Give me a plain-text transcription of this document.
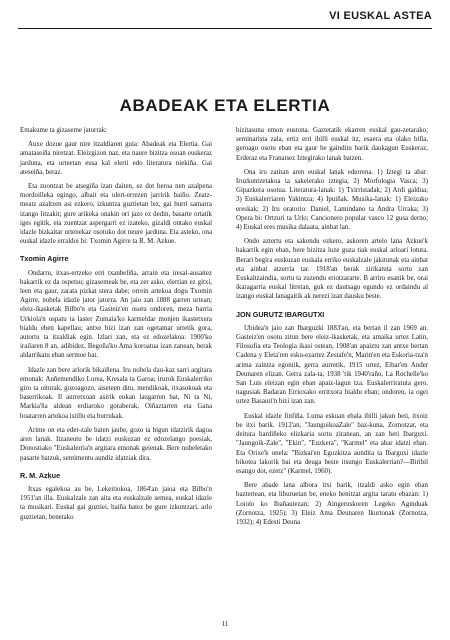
VI EUSKAL ASTEA
ABADEAK ETA ELERTIA

Emakume ta gizaseme jatorrak:

Auxe dozue gaur nire itzaldiaren guia: Abadeak eta Elertia. Gai amataseiña niretzat. Eleizgizon naz, eta naure bizitza osoan euskeraz jarduna, eta urteetan eusa kal elerti edo literatura niekiña. Gai ateseiña, beraz.

Eta zuontzat be atsegiña izan daiten, ez dot beroa nen azalpena mordoilleka egingo, albait eta ulert-errezen jarririk baiño. Zeatz-meatz azaltzen asi ezkero, izkuntza guztietan lez, gai burri samarra izango litzakit; gure arikeka onakin ori jazo ez dedin, basarte ortatik iges egitik, eta zuentzat aspergarri ez izateko, gizaldi ontako euskal idazle bizkaitar urtenekaz osotuko dot neure jarduna. Eta asteko, ona euskal idazle erraldoi bi: Txomin Agirre ta R. M. Azkue.

Txomin Agirre

Ondarru, itxas-ertzeko erri txanbeliña, arrain eta iresal-ausaitez bakarrik ez da ospetsu; gizasemeak be, eta zer asko, elertian ez gitxi, leen eta gaur, zarata pizkat stera dabe; orrein artekoa dogu Txomin Agirre, nobela idazle jator jatorra. An jaio zan 1888 garren urtean; eleiz-ikasketak Bilbo'n eta Gasteiz'en osotu ondoren, meza barria Urkiola'n ospatu ta laster Zumaia'ko karmeldar monjen ikastetxera bialdu eben kapellau; antxe bizi izan zan ogetamar urtetik gora, autortu ta itzaldiak egin. Izlari zan, eta ez edozelakoa: 1900'ko irailaren 8 an, adibidez, Begoña'ko Ama koroatua izan zanean, berak aldarrikatu eban sermoe bat.

Idazle zan bere arlorik bikaiñena. Iru nobela dau-kaz sarri argitara emonak: Auñemendiko Lorea, Kresala ta Garoa; irurok Euskalerriko giro ta oiturak, gozoagozo, aiseteen ditu, mendikoak, itxasokoak eta baserrikoak. Il aurretxoan asirik eukan laugarren bat, Ni ta Ni, Markia'ña aldean erdiaroko goraberak, Oiñaztarren eta Gana boatarren artekoa istillu eta burrukak.

Arime on eta eder-zale baten jaube, gozo ta bigun idatzirik dagoa aren lanak. Itzaneutu be idatzi euskuzan ez edozelango poesiak, Donostiako "Euskalerria'n argitara emonak geienak. Bere nobeletako pasarte batzuk, sentimentu aundiz idatziak dira.

R. M. Azkue

Itxas egalekoa au be, Lekeitiokoa, 1864'an jaioa eta Bilbo'n 1951'an illa. Euskalzale zan aita eta euskalzale semea, euskal idazle ta musikari. Euskal gai guztiei, baiña batez be gure izkuntzari, arlo guztietan, benetako

bizitasuna emon eustona. Gaztetatik ekarren euskal gau-zetarako; seminarista zala, ertiz erri ibilli euskal itz, esaera eta olako billa, geroago osotu eban eta gaur be gainditu barik daukagun Euskeraz, Erderaz eta Franatsez Iztegirako lanak batzen.

Ona iru zatitan aren euskal lanak ederrena. 1) Iztegi ta abar: Iruzkuntzetakoa ta sakelerako iztegia, 2) Morfologia Vasca; 3) Gipazkera osotua. Literatura-lanak: 1) Txirristadak; 2) Ardi galdua; 3) Euskalerriaren Yakintza; 4) Ipuiñak. Musika-lanak: 1) Eleizako ereskak; 2) Iru oratorio: Daniel, Lamindano ta Andra Urraka; 3) Opera bi: Ortzuri ta Urlo; Cancionero popular vasco 12 gusa derno; 4) Euskal eres musika dalaata, ainbat lan.

Ondo aztertu eta sakondu ezkero, askoren artelo lana Azkue'k bakarrik egin eban, bere bizitza luze guza tiak euskal arloari lotuta. Berari begira euskuzan euskala erriko euskalzale jakitunak eta ainbat eta ainbat atzerria tar. 1918'an berak zirikatuta sortu zan Euskaltzaindia, sortu ta zuzendu eriotzararte. B arriro esanik be, orai ikaragarria euskal litretan, guk ez dautsagu egundo ez ordaindu al izango euskal lanagaitik ak nerezi izan dausku beste.

JON GURUTZ IBARGUTXI

Ubidea'n jaio zan Ibarguzki 1883'an, eta bertan il zan 1969 an. Gasteiz'en osotu zitun bere eleiz-ikasketak, eta amaika urtez Latin, Filosofia eta Teologia ikasi ostean, 1908'an apaiztu zan antxe bertan Cadena y Eleta'ren esku-ezartez Zestafe'n, Marin'en eta Eskoria-tza'n arima zaintza egoniik, gerra aurretik, 1915 urtez, Eibar'en Ander Deunaren elizan. Gerra zala-ta, 1938 'tik 1940'raño, La Rochelle'ko San Luis eleizan egin eban apaiz-lagun tza. Euskalerriratuta gero, nagusiak Badaran Errioxako erritxora bialdu eban; ondoren, ia ogei urtez Basauri'n bizi izan zan.

Euskal idazle finfiña. Luma eskuan ebala ibilli jakun beti, itxoiz be itxi barik. 1912'an, "JaungoikoaZale" baz-kuna, Zornotzar, eta deitura bardiñeko elizkaria sortu ziranean, an zan beti Ibarguxi. "Jaungoik-Zale", "Ekin", "Euzkera", "Karmel" eta abar idatzi eban. Eta Orixe'k onela: "Bizkai'en Eguzkitza aundita ta Ibarguxi idazle bikotea lakorik bai eta deuga beste itsungo Euskalerrian?—Biribil esango dot, ezetz" (Karmel, 1960).

Bere abade lana albora itxi barik, itzaldi asko egin eban baztertean, eta liburuetan be, eneko benitzat argita taratu ebazan: 1) Loiolo ko Ibañautezan; 2) Aingeruskoren Legeko Aginduak (Zornotza, 1925); 3) Eleiz Ama Deunaren Ikurtonak (Zornotza, 1932); 4) Edesti Deuna

11
